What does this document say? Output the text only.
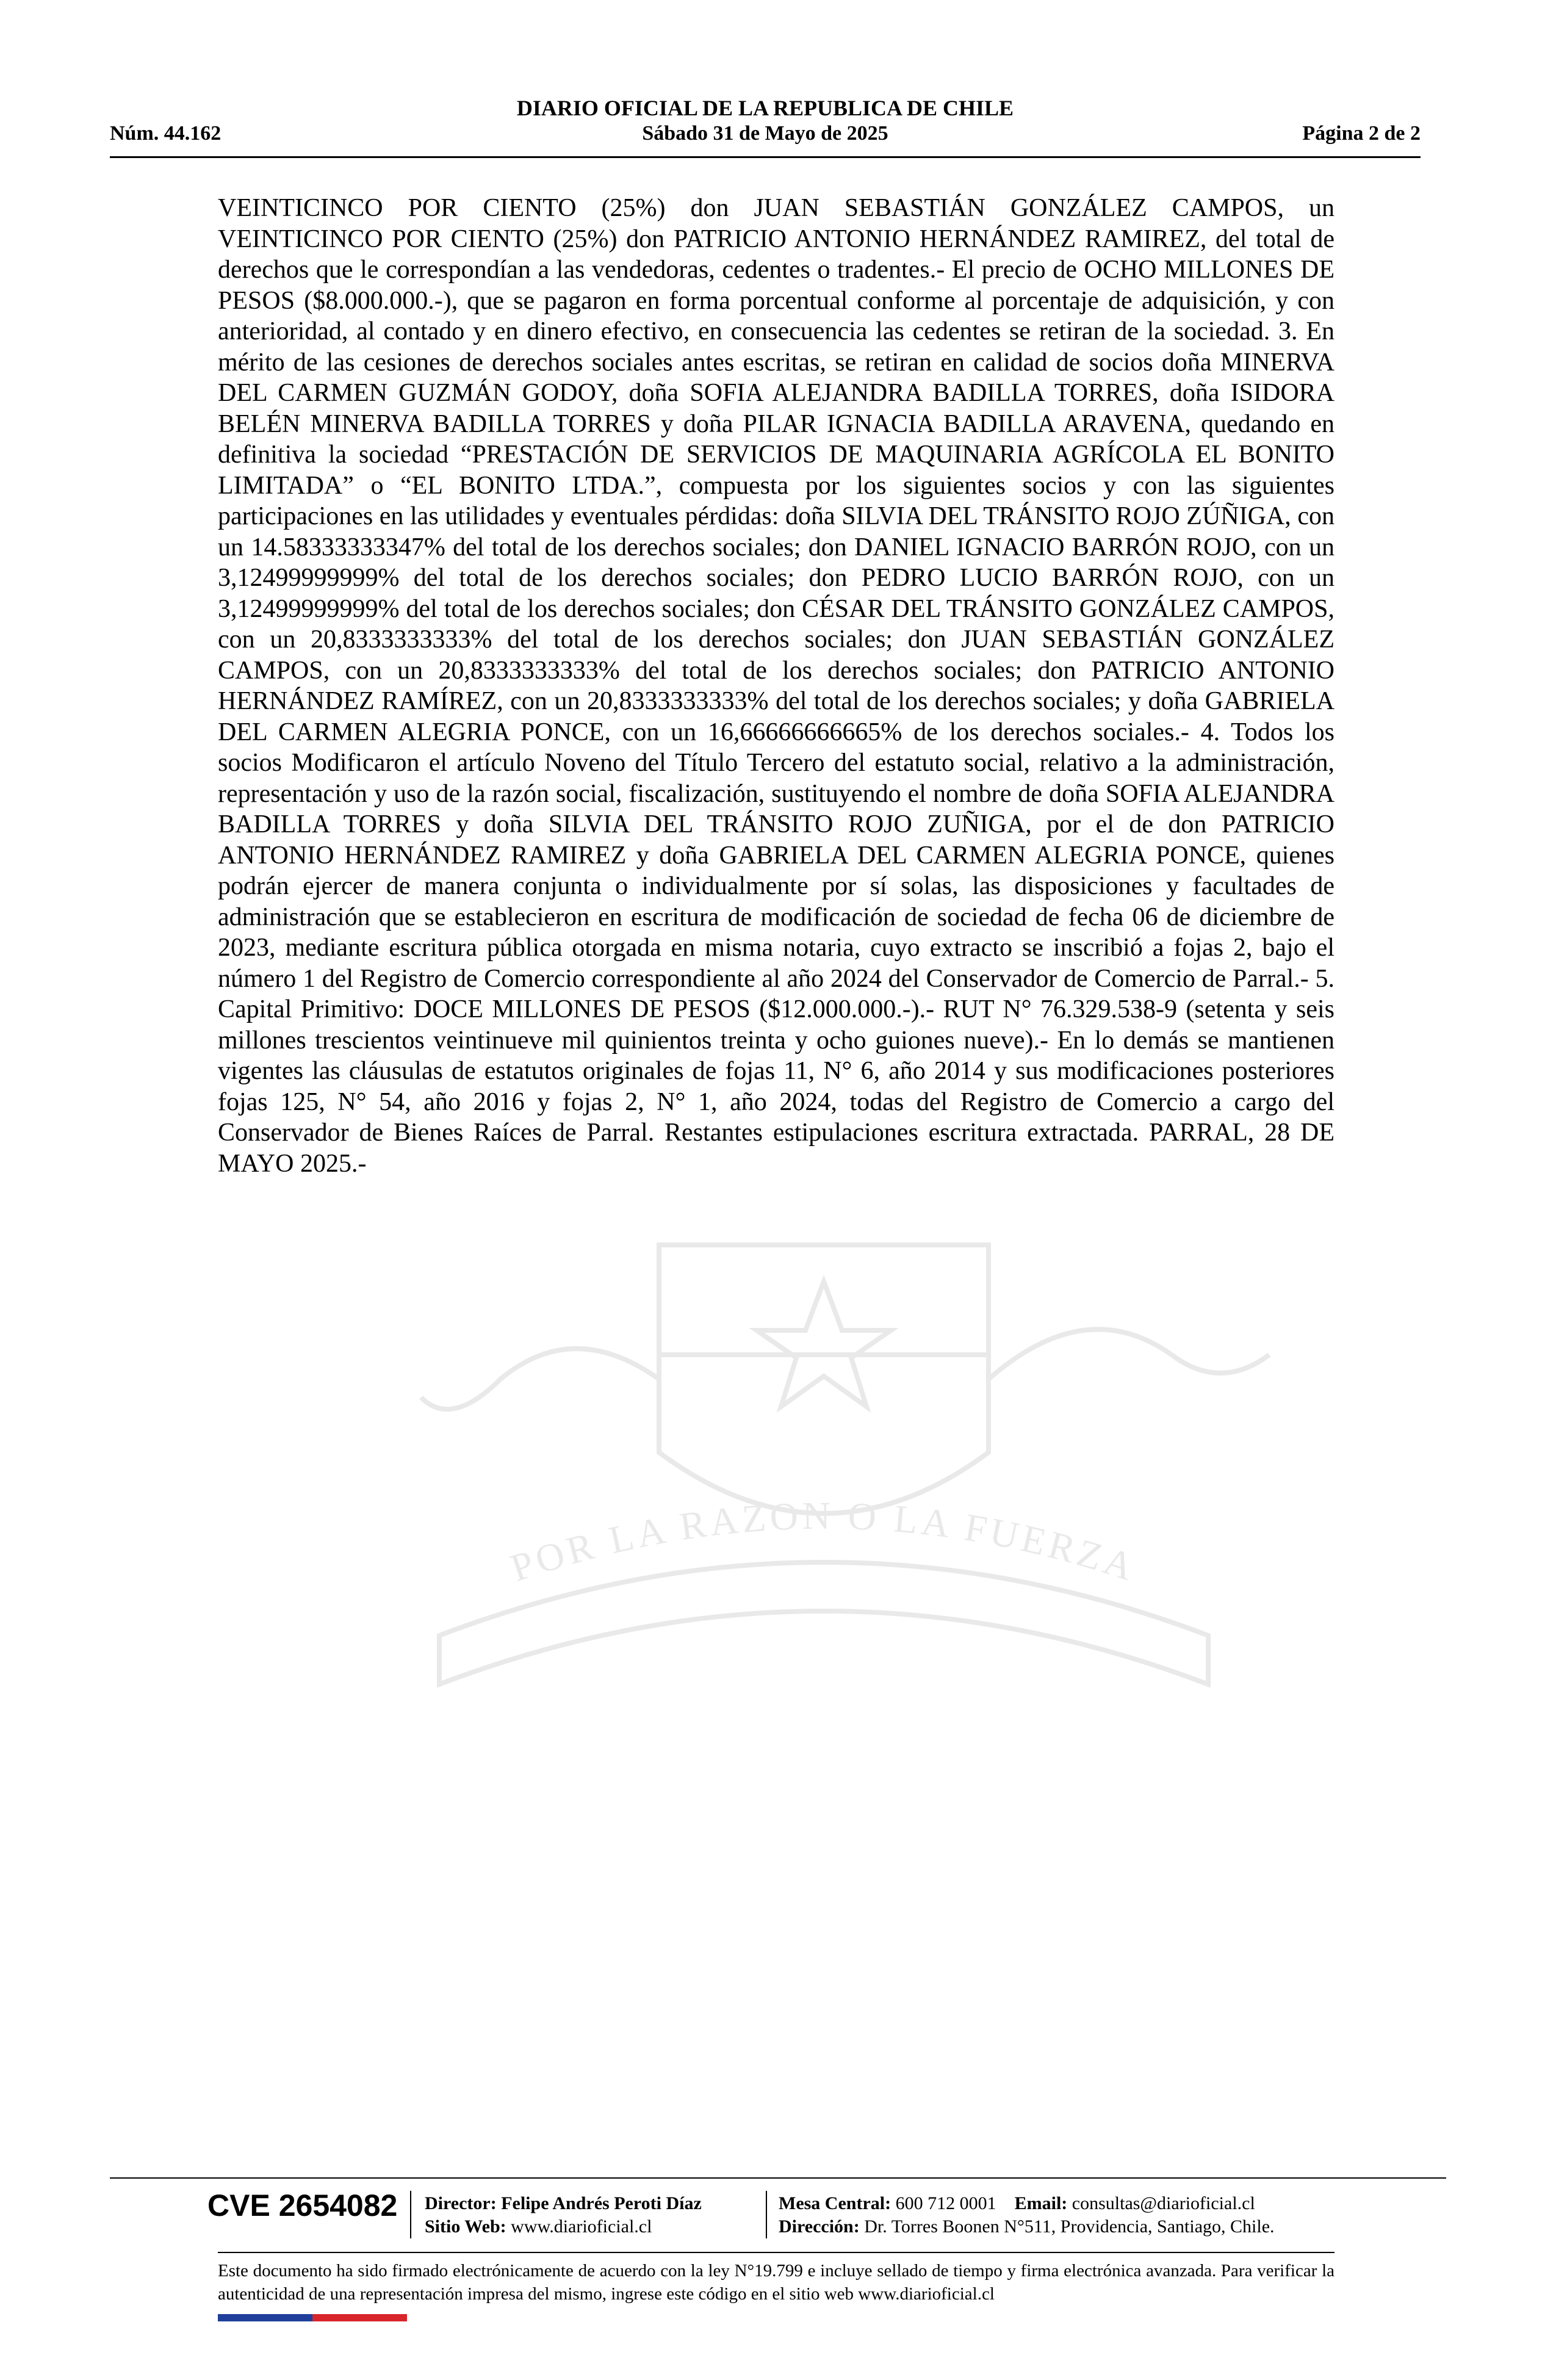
DIARIO OFICIAL DE LA REPUBLICA DE CHILE
Núm. 44.162	Sábado 31 de Mayo de 2025	Página 2 de 2
POR LA RAZON O LA FUERZA
VEINTICINCO POR CIENTO (25%) don JUAN SEBASTIÁN GONZÁLEZ CAMPOS, un VEINTICINCO POR CIENTO (25%) don PATRICIO ANTONIO HERNÁNDEZ RAMIREZ, del total de derechos que le correspondían a las vendedoras, cedentes o tradentes.- El precio de OCHO MILLONES DE PESOS ($8.000.000.-), que se pagaron en forma porcentual conforme al porcentaje de adquisición, y con anterioridad, al contado y en dinero efectivo, en consecuencia las cedentes se retiran de la sociedad. 3. En mérito de las cesiones de derechos sociales antes escritas, se retiran en calidad de socios doña MINERVA DEL CARMEN GUZMÁN GODOY, doña SOFIA ALEJANDRA BADILLA TORRES, doña ISIDORA BELÉN MINERVA BADILLA TORRES y doña PILAR IGNACIA BADILLA ARAVENA, quedando en definitiva la sociedad “PRESTACIÓN DE SERVICIOS DE MAQUINARIA AGRÍCOLA EL BONITO LIMITADA” o “EL BONITO LTDA.”, compuesta por los siguientes socios y con las siguientes participaciones en las utilidades y eventuales pérdidas: doña SILVIA DEL TRÁNSITO ROJO ZÚÑIGA, con un 14.58333333347% del total de los derechos sociales; don DANIEL IGNACIO BARRÓN ROJO, con un 3,12499999999% del total de los derechos sociales; don PEDRO LUCIO BARRÓN ROJO, con un 3,12499999999% del total de los derechos sociales; don CÉSAR DEL TRÁNSITO GONZÁLEZ CAMPOS, con un 20,8333333333% del total de los derechos sociales; don JUAN SEBASTIÁN GONZÁLEZ CAMPOS, con un 20,8333333333% del total de los derechos sociales; don PATRICIO ANTONIO HERNÁNDEZ RAMÍREZ, con un 20,8333333333% del total de los derechos sociales; y doña GABRIELA DEL CARMEN ALEGRIA PONCE, con un 16,66666666665% de los derechos sociales.- 4. Todos los socios Modificaron el artículo Noveno del Título Tercero del estatuto social, relativo a la administración, representación y uso de la razón social, fiscalización, sustituyendo el nombre de doña SOFIA ALEJANDRA BADILLA TORRES y doña SILVIA DEL TRÁNSITO ROJO ZUÑIGA, por el de don PATRICIO ANTONIO HERNÁNDEZ RAMIREZ y doña GABRIELA DEL CARMEN ALEGRIA PONCE, quienes podrán ejercer de manera conjunta o individualmente por sí solas, las disposiciones y facultades de administración que se establecieron en escritura de modificación de sociedad de fecha 06 de diciembre de 2023, mediante escritura pública otorgada en misma notaria, cuyo extracto se inscribió a fojas 2, bajo el número 1 del Registro de Comercio correspondiente al año 2024 del Conservador de Comercio de Parral.- 5. Capital Primitivo: DOCE MILLONES DE PESOS ($12.000.000.-).- RUT N° 76.329.538-9 (setenta y seis millones trescientos veintinueve mil quinientos treinta y ocho guiones nueve).- En lo demás se mantienen vigentes las cláusulas de estatutos originales de fojas 11, N° 6, año 2014 y sus modificaciones posteriores fojas 125, N° 54, año 2016 y fojas 2, N° 1, año 2024, todas del Registro de Comercio a cargo del Conservador de Bienes Raíces de Parral. Restantes estipulaciones escritura extractada. PARRAL, 28 DE MAYO 2025.-
CVE 2654082 Director: Felipe Andrés Peroti Díaz
Sitio Web: www.diarioficial.cl
Mesa Central: 600 712 0001 Email: consultas@diarioficial.cl
Dirección: Dr. Torres Boonen N°511, Providencia, Santiago, Chile.
Este documento ha sido firmado electrónicamente de acuerdo con la ley N°19.799 e incluye sellado de tiempo y firma electrónica avanzada. Para verificar la autenticidad de una representación impresa del mismo, ingrese este código en el sitio web www.diarioficial.cl
